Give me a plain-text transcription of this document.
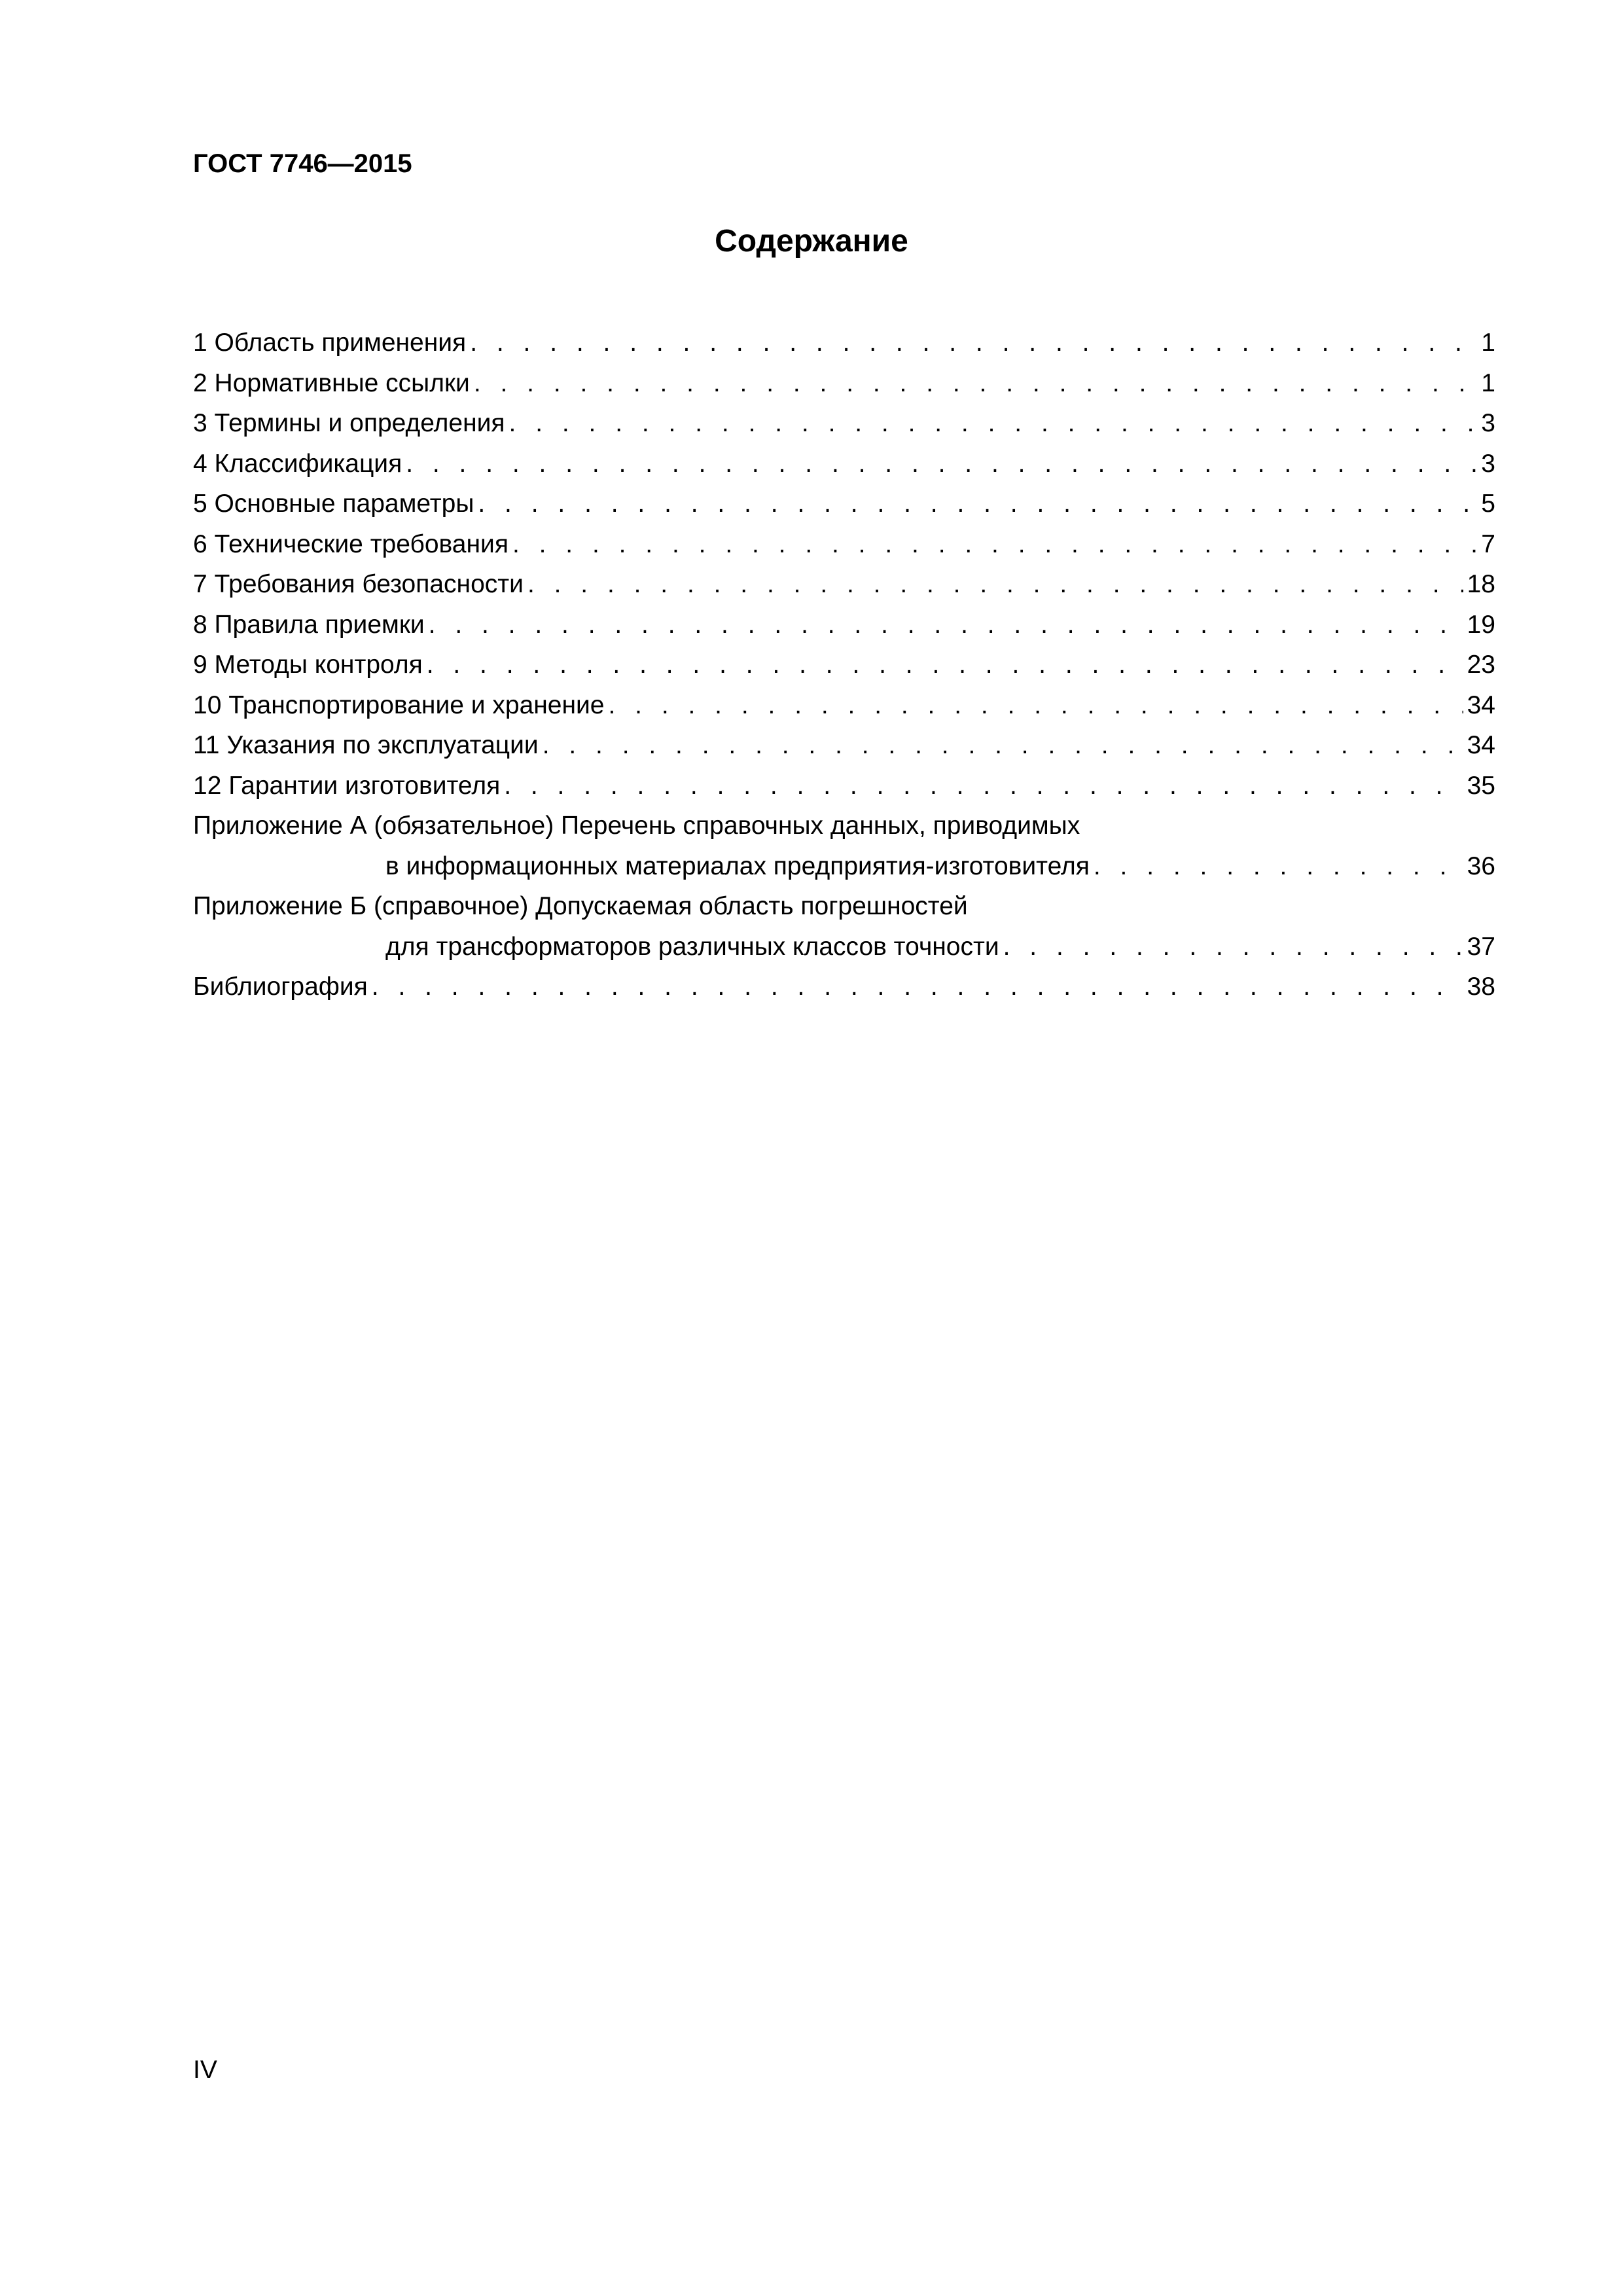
ГОСТ 7746—2015
Содержание
1 Область применения . . .	1
2 Нормативные ссылки . . .	1
3 Термины и определения . . .	3
4 Классификация . . .	3
5 Основные параметры . . .	5
6 Технические требования . . .	7
7 Требования безопасности . . .	18
8 Правила приемки . . .	19
9 Методы контроля . . .	23
10 Транспортирование и хранение . . .	34
11 Указания по эксплуатации . . .	34
12 Гарантии изготовителя . . .	35
Приложение А (обязательное) Перечень справочных данных, приводимых
в информационных материалах предприятия-изготовителя . . .	36
Приложение Б (справочное) Допускаемая область погрешностей
для трансформаторов различных классов точности . . .	37
Библиография . . .	38
IV
